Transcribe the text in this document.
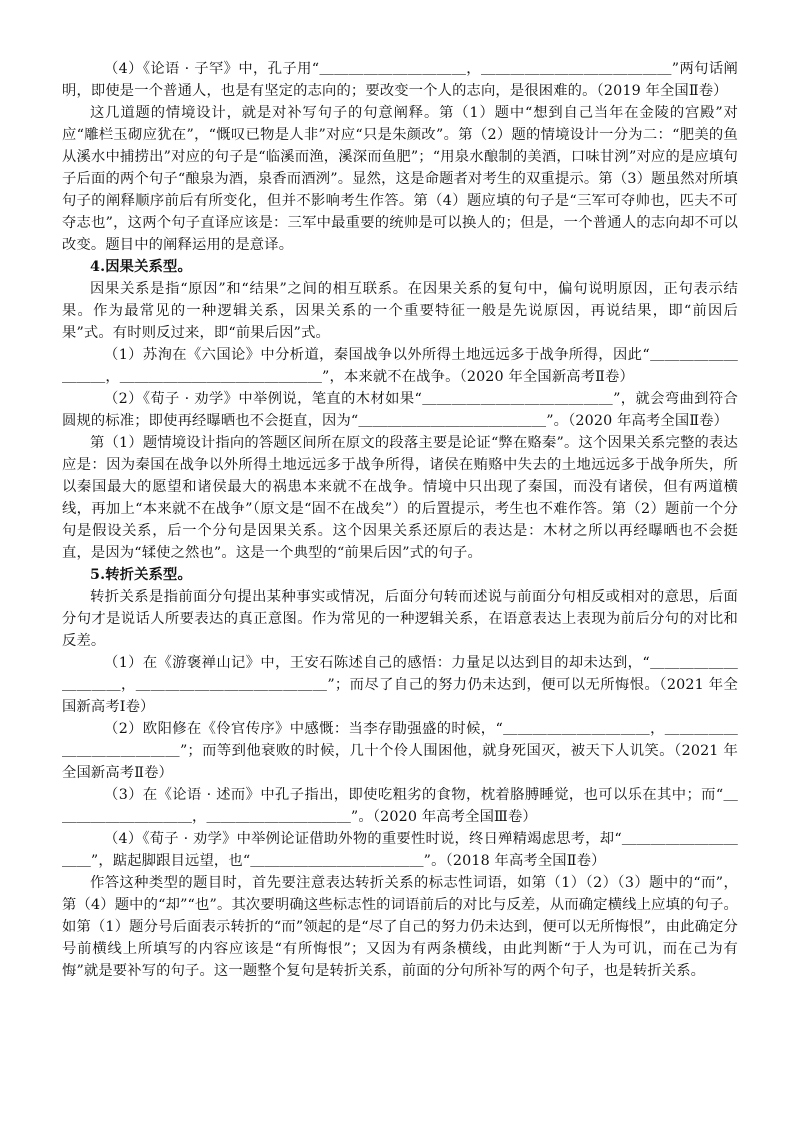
（4）《论语 · 子罕》中，孔子用“＿＿＿＿＿＿＿＿＿＿，＿＿＿＿＿＿＿＿＿＿＿＿＿”两句话阐明，即使是一个普通人，也是有坚定的志向的；要改变一个人的志向，是很困难的。（2019 年全国Ⅱ卷）
这几道题的情境设计，就是对补写句子的句意阐释。第（1）题中“想到自己当年在金陵的宫殿”对应“雕栏玉砌应犹在”，“慨叹已物是人非”对应“只是朱颜改”。第（2）题的情境设计一分为二：“肥美的鱼从溪水中捕捞出”对应的句子是“临溪而渔，溪深而鱼肥”；“用泉水酿制的美酒，口味甘洌”对应的是应填句子后面的两个句子“酿泉为酒，泉香而酒洌”。显然，这是命题者对考生的双重提示。第（3）题虽然对所填句子的阐释顺序前后有所变化，但并不影响考生作答。第（4）题应填的句子是“三军可夺帅也，匹夫不可夺志也”，这两个句子直译应该是：三军中最重要的统帅是可以换人的；但是，一个普通人的志向却不可以改变。题目中的阐释运用的是意译。
4.因果关系型。
因果关系是指“原因”和“结果”之间的相互联系。在因果关系的复句中，偏句说明原因，正句表示结果。作为最常见的一种逻辑关系，因果关系的一个重要特征一般是先说原因，再说结果，即“前因后果”式。有时则反过来，即“前果后因”式。
（1）苏洵在《六国论》中分析道，秦国战争以外所得土地远远多于战争所得，因此“＿＿＿＿＿＿＿＿＿，＿＿＿＿＿＿＿＿＿＿＿＿＿＿”，本来就不在战争。（2020 年全国新高考Ⅱ卷）
（2）《荀子 · 劝学》中举例说，笔直的木材如果“＿＿＿＿＿＿＿＿＿＿＿＿＿”，就会弯曲到符合圆规的标准；即使再经曝晒也不会挺直，因为“＿＿＿＿＿＿＿＿＿＿＿＿＿”。（2020 年高考全国Ⅱ卷）
第（1）题情境设计指向的答题区间所在原文的段落主要是论证“弊在赂秦”。这个因果关系完整的表达应是：因为秦国在战争以外所得土地远远多于战争所得，诸侯在贿赂中失去的土地远远多于战争所失，所以秦国最大的愿望和诸侯最大的祸患本来就不在战争。情境中只出现了秦国，而没有诸侯，但有两道横线，再加上“本来就不在战争”（原文是“固不在战矣”）的后置提示，考生也不难作答。第（2）题前一个分句是假设关系，后一个分句是因果关系。这个因果关系还原后的表达是：木材之所以再经曝晒也不会挺直，是因为“𫐓使之然也”。这是一个典型的“前果后因”式的句子。
5.转折关系型。
转折关系是指前面分句提出某种事实或情况，后面分句转而述说与前面分句相反或相对的意思，后面分句才是说话人所要表达的真正意图。作为常见的一种逻辑关系，在语意表达上表现为前后分句的对比和反差。
（1）在《游褒禅山记》中，王安石陈述自己的感悟：力量足以达到目的却未达到，“＿＿＿＿＿＿＿＿＿＿，＿＿＿＿＿＿＿＿＿＿＿＿＿”；而尽了自己的努力仍未达到，便可以无所悔恨。（2021 年全国新高考Ⅰ卷）
（2）欧阳修在《伶官传序》中感慨：当李存勖强盛的时候，“＿＿＿＿＿＿＿＿＿＿，＿＿＿＿＿＿＿＿＿＿＿＿＿”；而等到他衰败的时候，几十个伶人围困他，就身死国灭，被天下人讥笑。（2021 年全国新高考Ⅱ卷）
（3）在《论语 · 述而》中孔子指出，即使吃粗劣的食物，枕着胳膊睡觉，也可以乐在其中；而“＿＿＿＿＿＿＿＿＿＿，＿＿＿＿＿＿＿＿＿＿”。（2020 年高考全国Ⅲ卷）
（4）《荀子 · 劝学》中举例论证借助外物的重要性时说，终日殚精竭虑思考，却“＿＿＿＿＿＿＿＿＿＿”，踮起脚跟目远望，也“＿＿＿＿＿＿＿＿＿＿＿＿”。（2018 年高考全国Ⅱ卷）
作答这种类型的题目时，首先要注意表达转折关系的标志性词语，如第（1）（2）（3）题中的“而”，第（4）题中的“却”“也”。其次要明确这些标志性的词语前后的对比与反差，从而确定横线上应填的句子。如第（1）题分号后面表示转折的“而”领起的是“尽了自己的努力仍未达到，便可以无所悔恨”，由此确定分号前横线上所填写的内容应该是“有所悔恨”；又因为有两条横线，由此判断“于人为可讥，而在己为有悔”就是要补写的句子。这一题整个复句是转折关系，前面的分句所补写的两个句子，也是转折关系。
